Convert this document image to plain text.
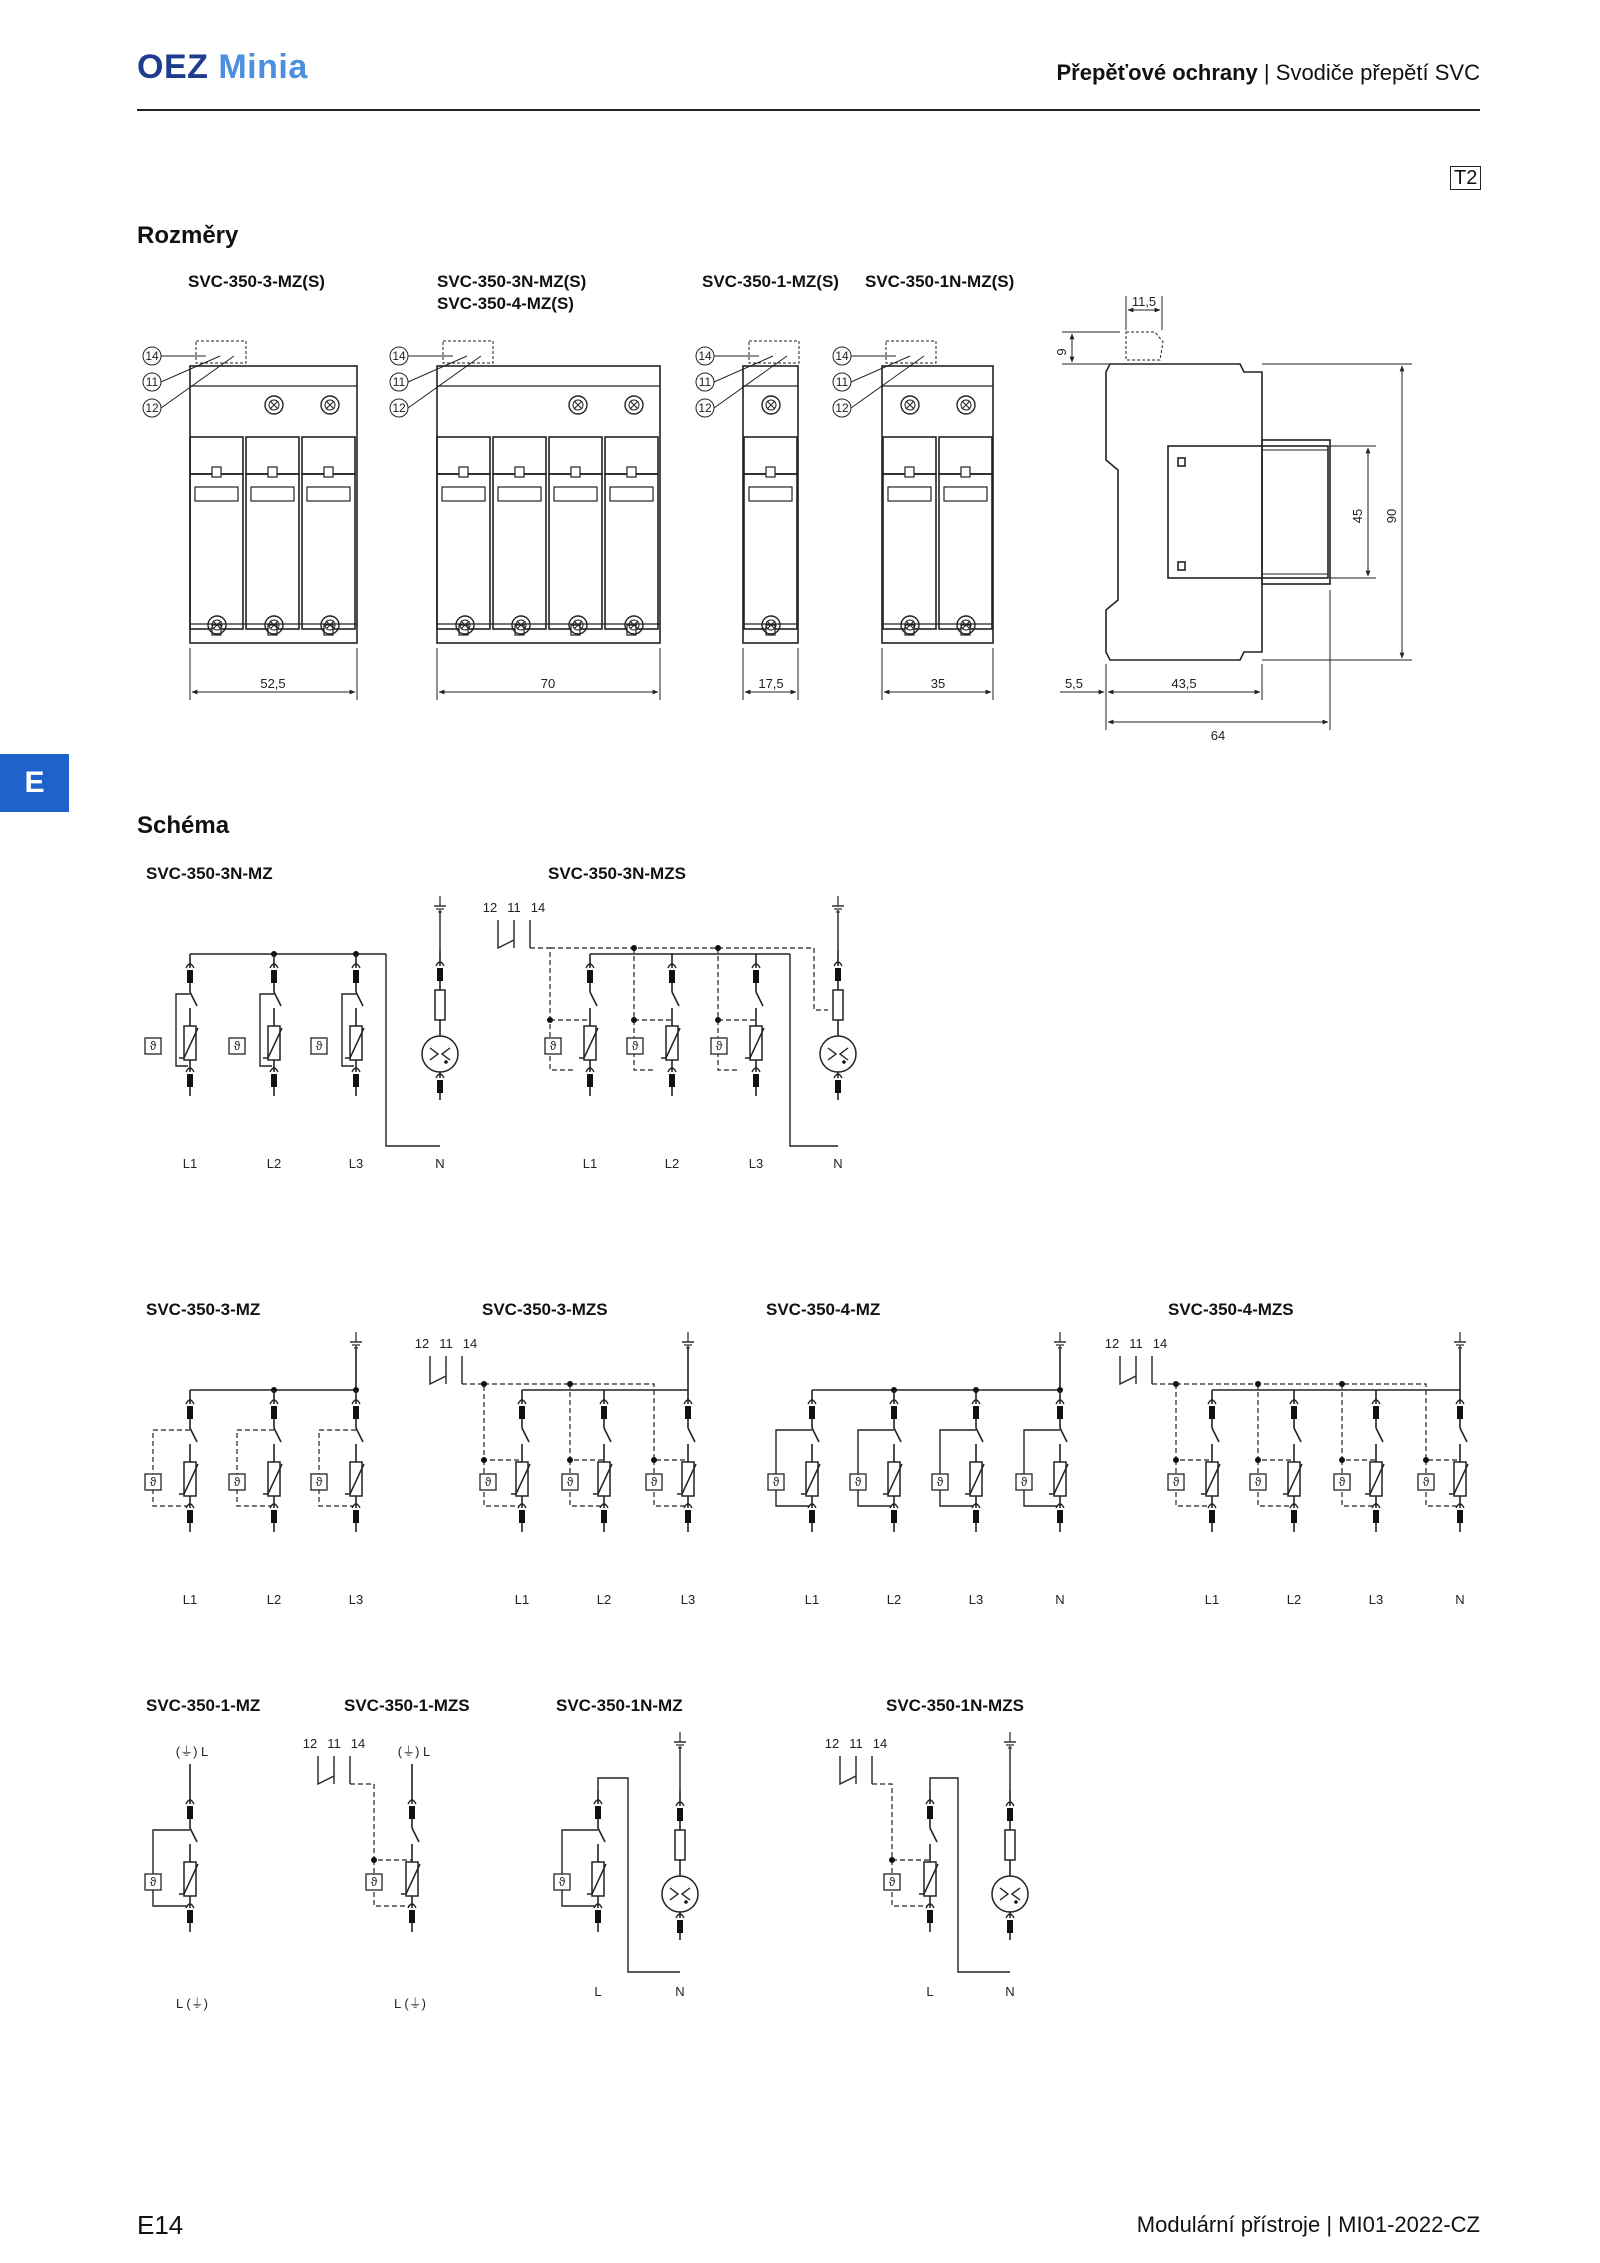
OEZ Minia	Přepěťové ochrany | Svodiče přepětí SVC
T2
E
Rozměry
SVC-350-3-MZ(S)	SVC-350-3N-MZ(S)
SVC-350-4-MZ(S)
SVC-350-1-MZ(S) SVC-350-1N-MZ(S)
14
11
12
14
11
12
14
11
12
14
11
12
52,5	70	17,5	35
11,5
9
45 90
5,5	43,5
64
Schéma
SVC-350-3N-MZ	SVC-350-3N-MZS
SVC-350-3-MZ	SVC-350-3-MZS	SVC-350-4-MZ	SVC-350-4-MZS
SVC-350-1-MZ	SVC-350-1-MZS	SVC-350-1N-MZ	SVC-350-1N-MZS
ϑ	ϑ	ϑ	ϑ	ϑ	ϑ
ϑ	ϑ	ϑ	ϑ	ϑ	ϑ	ϑ	ϑ	ϑ	ϑ	ϑ	ϑ	ϑ	ϑ
ϑ	ϑ	ϑ	ϑ
12 11 14
12 11 14	12 11 14
12 11 14	12 11 14
L1	L2	L3	N	L1	L2	L3	N
L1	L2	L3	L1	L2	L3	L1	L2	L3	N	L1	L2	L3	N
(⏚) L
L (⏚)
(⏚) L
L (⏚)
L	N	L	N
E14	Modulární přístroje | MI01-2022-CZ
